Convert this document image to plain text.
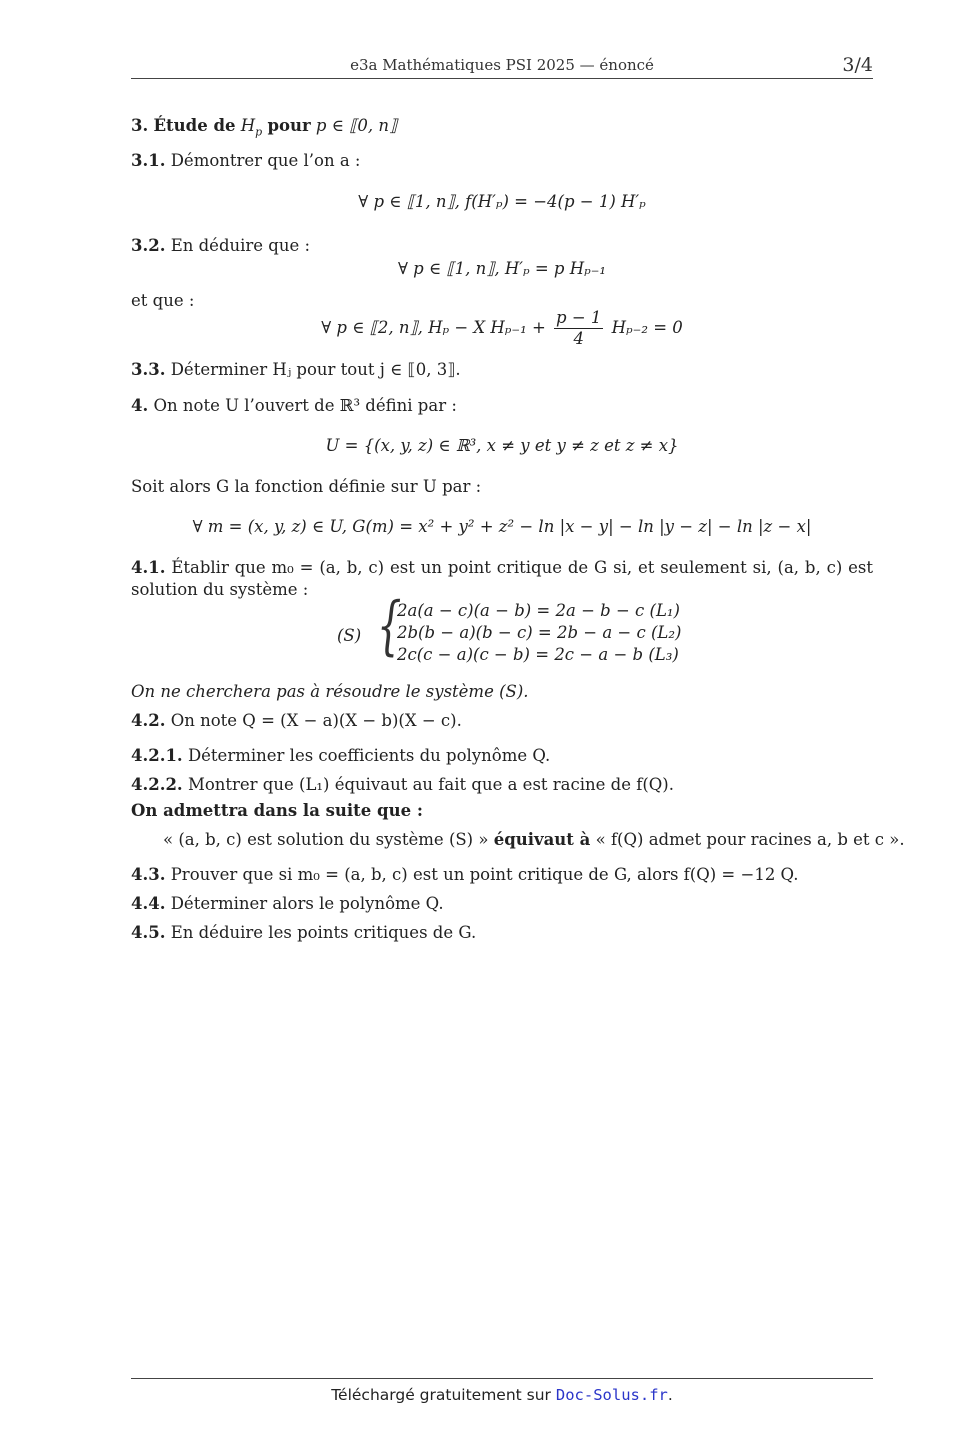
e3a Mathématiques PSI 2025 — énoncé	3/4
3. Étude de $H_p$ pour p ∈ ⟦0, n⟧
3.1. Démontrer que l’on a :
∀ p ∈ ⟦1, n⟧, f(H′ₚ) = −4(p − 1) H′ₚ
3.2. En déduire que :
∀ p ∈ ⟦1, n⟧, H′ₚ = p Hₚ₋₁
et que :
∀ p ∈ ⟦2, n⟧, Hₚ − X $H_{p-1} + \frac{p - 1}{4} H_{p-2} = 0$
3.3. Déterminer Hⱼ pour tout j ∈ ⟦0, 3⟧.
4. On note U l’ouvert de ℝ³ défini par :
U = {(x, y, z) ∈ ℝ³, x ≠ y et y ≠ z et z ≠ x}
Soit alors G la fonction définie sur U par :
∀ m = (x, y, z) ∈ U, G(m) = x² + y² + z² − ln |x − y| − ln |y − z| − ln |z − x|
4.1. Établir que m₀ = (a, b, c) est un point critique de G si, et seulement si, (a, b, c) est solution du système :
(S) {
2a(a − c)(a − b) = 2a − b − c (L₁)
2b(b − a)(b − c) = 2b − a − c (L₂)
2c(c − a)(c − b) = 2c − a − b (L₃)
On ne cherchera pas à résoudre le système (S).
4.2. On note Q = (X − a)(X − b)(X − c).
4.2.1. Déterminer les coefficients du polynôme Q.
4.2.2. Montrer que (L₁) équivaut au fait que a est racine de f(Q).
On admettra dans la suite que :
« (a, b, c) est solution du système (S) » équivaut à « f(Q) admet pour racines a, b et c ».
4.3. Prouver que si m₀ = (a, b, c) est un point critique de G, alors f(Q) = −12 Q.
4.4. Déterminer alors le polynôme Q.
4.5. En déduire les points critiques de G.
Téléchargé gratuitement sur Doc-Solus.fr.
